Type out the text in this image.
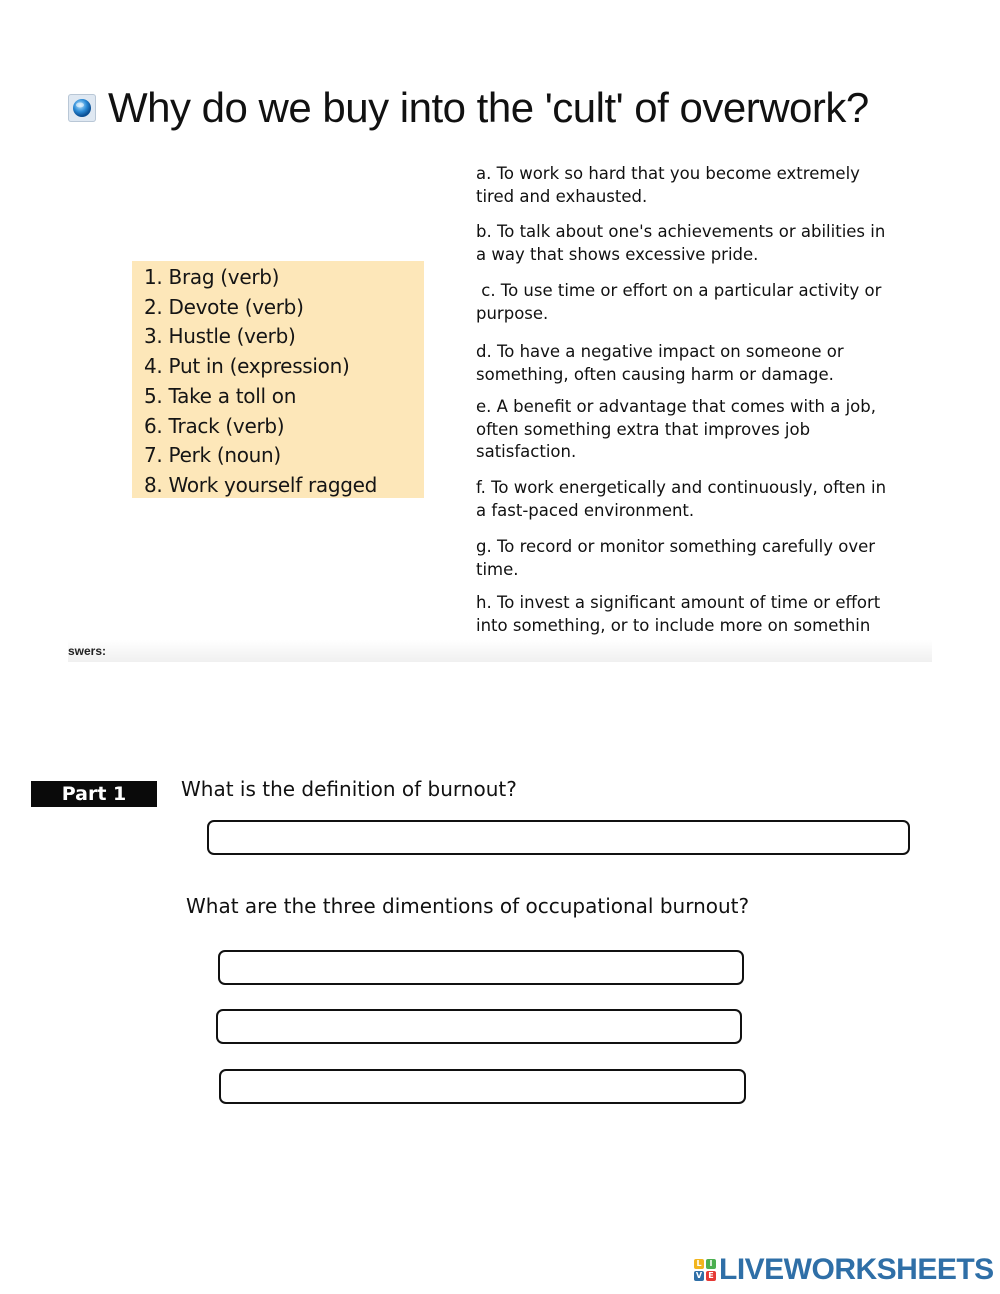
Why do we buy into the 'cult' of overwork?
1. Brag (verb)
2. Devote (verb)
3. Hustle (verb)
4. Put in (expression)
5. Take a toll on
6. Track (verb)
7. Perk (noun)
8. Work yourself ragged

a. To work so hard that you become extremely tired and exhausted.

b. To talk about one's achievements or abilities in a way that shows excessive pride.

c. To use time or effort on a particular activity or purpose.

d. To have a negative impact on someone or something, often causing harm or damage.

e. A benefit or advantage that comes with a job, often something extra that improves job satisfaction.

f. To work energetically and continuously, often in a fast-paced environment.

g. To record or monitor something carefully over time.

h. To invest a significant amount of time or effort into something, or to include more on somethin

swers:
Part 1	What is the definition of burnout?

What are the three dimentions of occupational burnout?

L I
V E LIVEWORKSHEETS
